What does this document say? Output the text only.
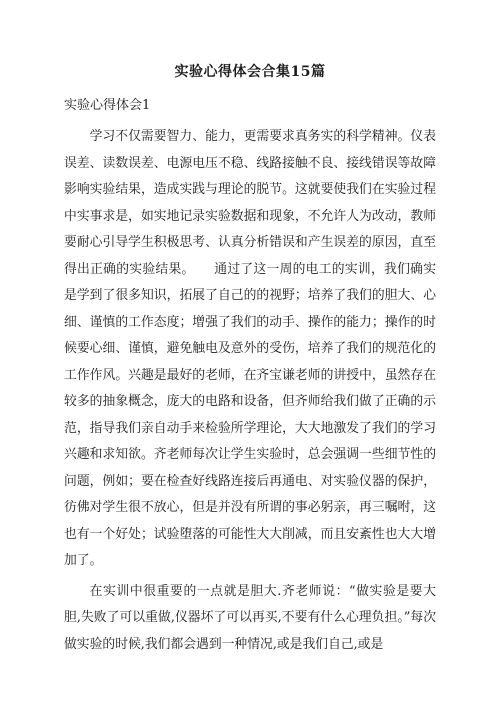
实验心得体会合集15篇
实验心得体会1

学习不仅需要智力、能力，更需要求真务实的科学精神。仪表误差、读数误差、电源电压不稳、线路接触不良、接线错误等故障影响实验结果，造成实践与理论的脱节。这就要使我们在实验过程中实事求是，如实地记录实验数据和现象，不允许人为改动，教师要耐心引导学生积极思考、认真分析错误和产生误差的原因，直至得出正确的实验结果。　　通过了这一周的电工的实训，我们确实是学到了很多知识，拓展了自己的的视野；培养了我们的胆大、心细、谨慎的工作态度；增强了我们的动手、操作的能力；操作的时候要心细、谨慎，避免触电及意外的受伤，培养了我们的规范化的工作作风。兴趣是最好的老师，在齐宝谦老师的讲授中，虽然存在较多的抽象概念，庞大的电路和设备，但齐师给我们做了正确的示范，指导我们亲自动手来检验所学理论，大大地激发了我们的学习兴趣和求知欲。齐老师每次让学生实验时，总会强调一些细节性的问题，例如；要在检查好线路连接后再通电、对实验仪器的保护，彷佛对学生很不放心，但是并没有所谓的事必躬亲，再三嘱咐，这也有一个好处；试验堕落的可能性大大削减，而且安紊性也大大增加了。

在实训中很重要的一点就是胆大.齐老师说：“做实验是要大胆,失败了可以重做,仪器坏了可以再买,不要有什么心理负担。”每次做实验的时候,我们都会遇到一种情况,或是我们自己,或是
